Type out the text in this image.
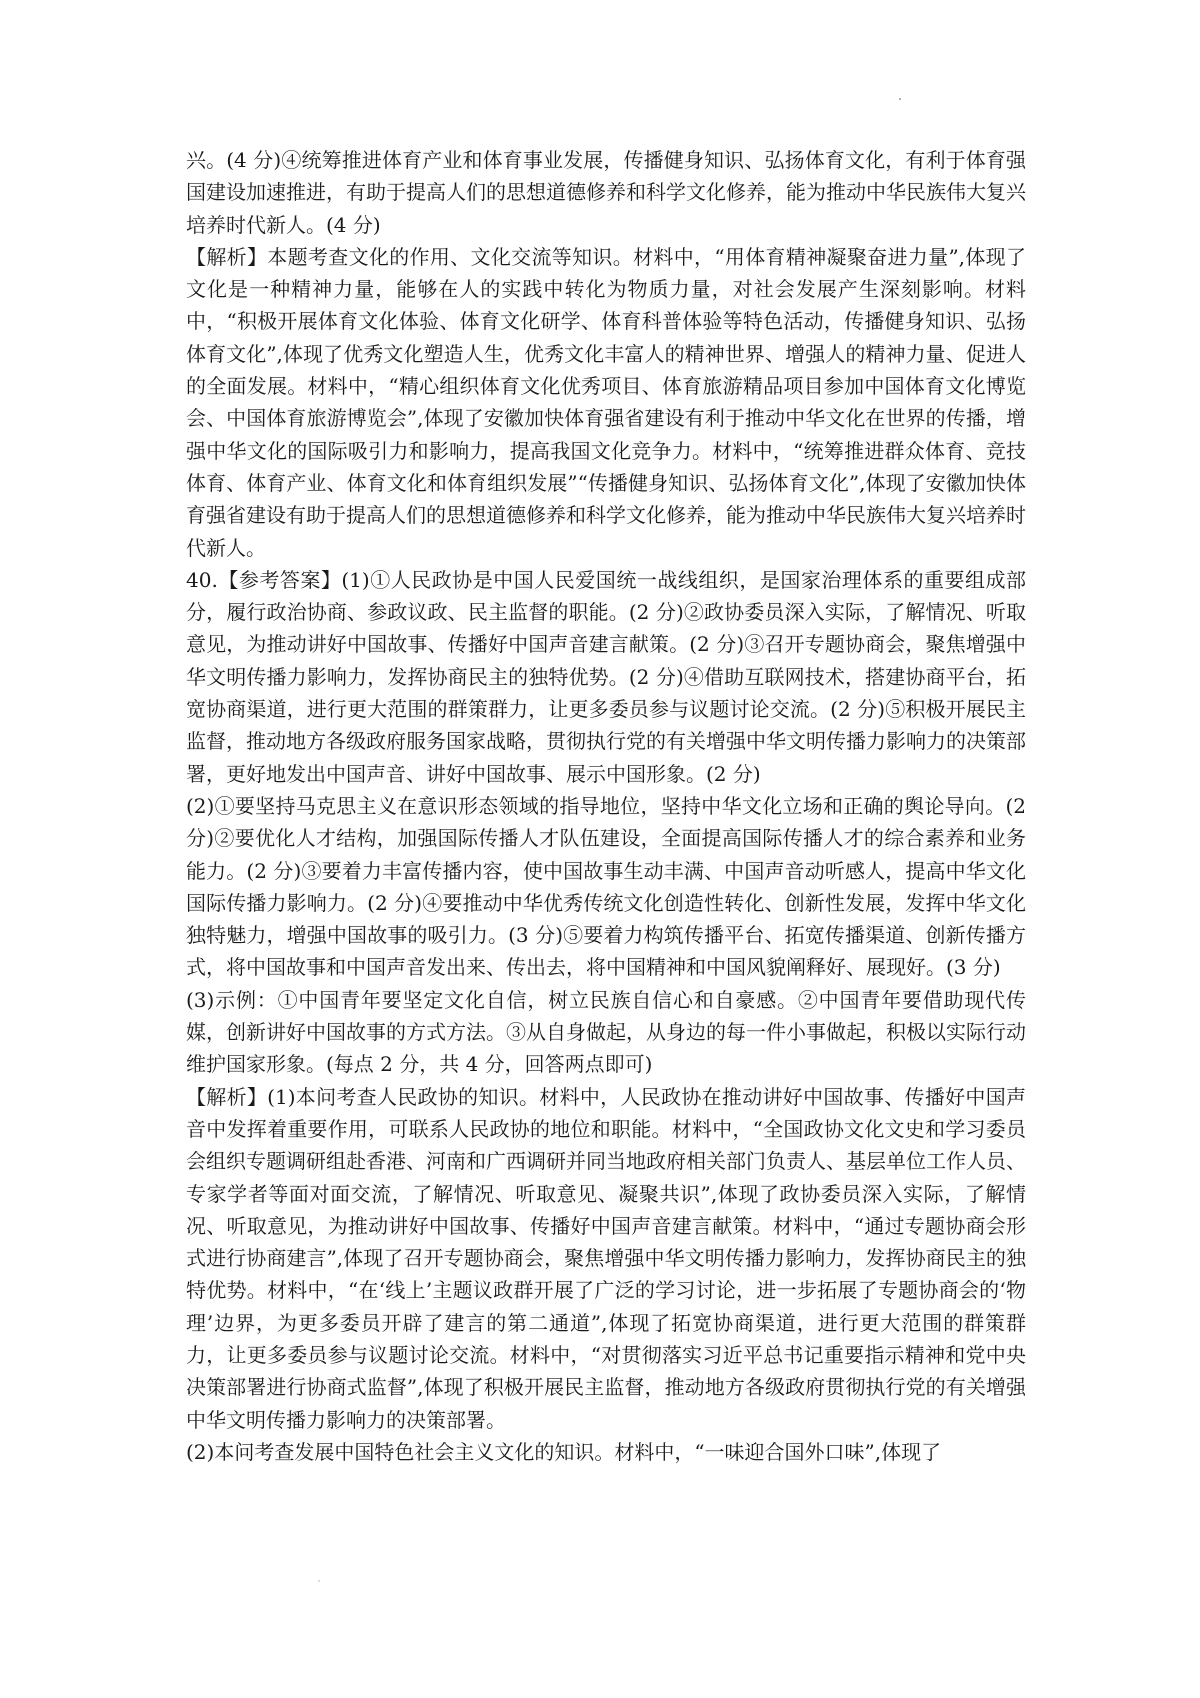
兴。(4 分)④统筹推进体育产业和体育事业发展，传播健身知识、弘扬体育文化，有利于体育强国建设加速推进，有助于提高人们的思想道德修养和科学文化修养，能为推动中华民族伟大复兴培养时代新人。(4 分)

【解析】本题考查文化的作用、文化交流等知识。材料中，“用体育精神凝聚奋进力量”,体现了文化是一种精神力量，能够在人的实践中转化为物质力量，对社会发展产生深刻影响。材料中，“积极开展体育文化体验、体育文化研学、体育科普体验等特色活动，传播健身知识、弘扬体育文化”,体现了优秀文化塑造人生，优秀文化丰富人的精神世界、增强人的精神力量、促进人的全面发展。材料中，“精心组织体育文化优秀项目、体育旅游精品项目参加中国体育文化博览会、中国体育旅游博览会”,体现了安徽加快体育强省建设有利于推动中华文化在世界的传播，增强中华文化的国际吸引力和影响力，提高我国文化竞争力。材料中，“统筹推进群众体育、竞技体育、体育产业、体育文化和体育组织发展”“传播健身知识、弘扬体育文化”,体现了安徽加快体育强省建设有助于提高人们的思想道德修养和科学文化修养，能为推动中华民族伟大复兴培养时代新人。

40.【参考答案】(1)①人民政协是中国人民爱国统一战线组织，是国家治理体系的重要组成部分，履行政治协商、参政议政、民主监督的职能。(2 分)②政协委员深入实际，了解情况、听取意见，为推动讲好中国故事、传播好中国声音建言献策。(2 分)③召开专题协商会，聚焦增强中华文明传播力影响力，发挥协商民主的独特优势。(2 分)④借助互联网技术，搭建协商平台，拓宽协商渠道，进行更大范围的群策群力，让更多委员参与议题讨论交流。(2 分)⑤积极开展民主监督，推动地方各级政府服务国家战略，贯彻执行党的有关增强中华文明传播力影响力的决策部署，更好地发出中国声音、讲好中国故事、展示中国形象。(2 分)

(2)①要坚持马克思主义在意识形态领域的指导地位，坚持中华文化立场和正确的舆论导向。(2 分)②要优化人才结构，加强国际传播人才队伍建设，全面提高国际传播人才的综合素养和业务能力。(2 分)③要着力丰富传播内容，使中国故事生动丰满、中国声音动听感人，提高中华文化国际传播力影响力。(2 分)④要推动中华优秀传统文化创造性转化、创新性发展，发挥中华文化独特魅力，增强中国故事的吸引力。(3 分)⑤要着力构筑传播平台、拓宽传播渠道、创新传播方式，将中国故事和中国声音发出来、传出去，将中国精神和中国风貌阐释好、展现好。(3 分)

(3)示例：①中国青年要坚定文化自信，树立民族自信心和自豪感。②中国青年要借助现代传媒，创新讲好中国故事的方式方法。③从自身做起，从身边的每一件小事做起，积极以实际行动维护国家形象。(每点 2 分，共 4 分，回答两点即可)

【解析】(1)本问考查人民政协的知识。材料中，人民政协在推动讲好中国故事、传播好中国声音中发挥着重要作用，可联系人民政协的地位和职能。材料中，“全国政协文化文史和学习委员会组织专题调研组赴香港、河南和广西调研并同当地政府相关部门负责人、基层单位工作人员、专家学者等面对面交流，了解情况、听取意见、凝聚共识”,体现了政协委员深入实际，了解情况、听取意见，为推动讲好中国故事、传播好中国声音建言献策。材料中，“通过专题协商会形式进行协商建言”,体现了召开专题协商会，聚焦增强中华文明传播力影响力，发挥协商民主的独特优势。材料中，“在‘线上’主题议政群开展了广泛的学习讨论，进一步拓展了专题协商会的‘物理’边界，为更多委员开辟了建言的第二通道”,体现了拓宽协商渠道，进行更大范围的群策群力，让更多委员参与议题讨论交流。材料中，“对贯彻落实习近平总书记重要指示精神和党中央决策部署进行协商式监督”,体现了积极开展民主监督，推动地方各级政府贯彻执行党的有关增强中华文明传播力影响力的决策部署。

(2)本问考查发展中国特色社会主义文化的知识。材料中，“一味迎合国外口味”,体现了
